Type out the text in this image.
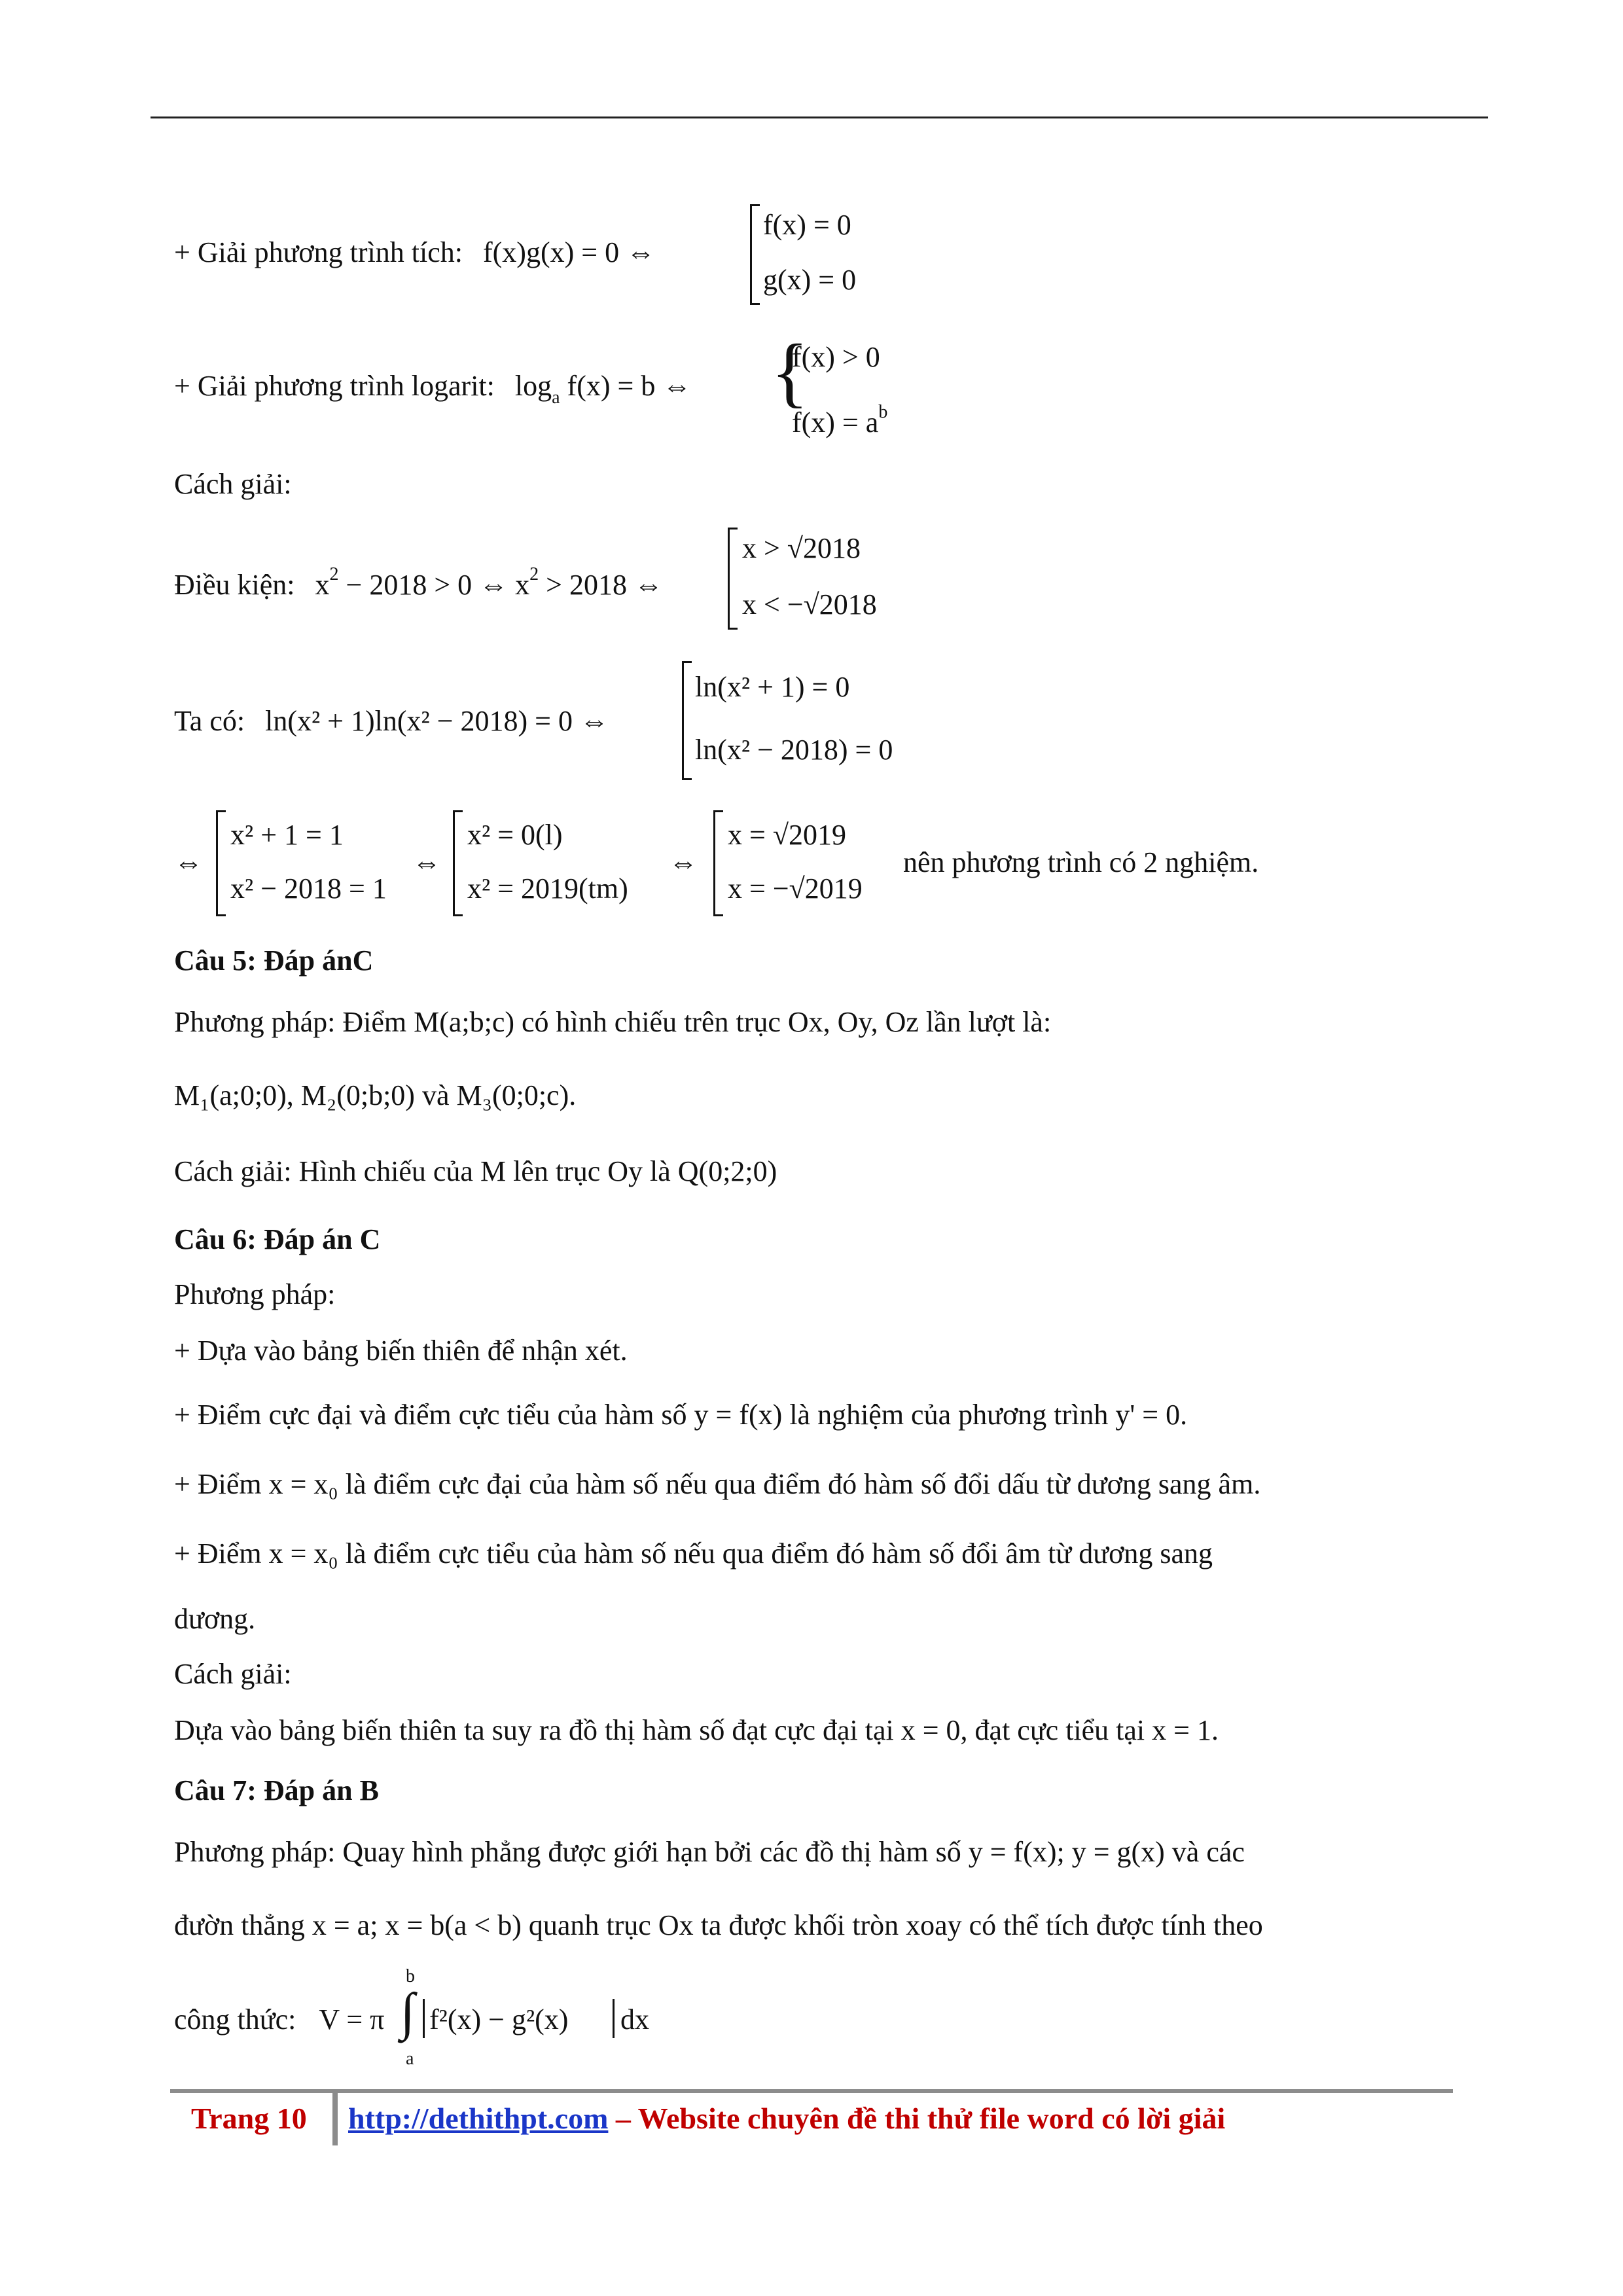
+ Giải phương trình tích: f(x)g(x) = 0 ⇔
f(x) = 0
g(x) = 0
+ Giải phương trình logarit: $\log_a f(x) = b$ ⇔ {
f(x) > 0
$f(x) = a^b$
Cách giải:
Điều kiện: $x^2 - 2018 > 0$ ⇔ $x^2 > 2018$ ⇔
x > √2018
x < −√2018
Ta có: ln(x² + 1)ln(x² − 2018) = 0 ⇔
ln(x² + 1) = 0
ln(x² − 2018) = 0
⇔
x² + 1 = 1
x² − 2018 = 1
⇔
x² = 0(l)
x² = 2019(tm)
⇔
x = √2019
x = −√2019
nên phương trình có 2 nghiệm.
Câu 5: Đáp ánC
Phương pháp: Điểm M(a;b;c) có hình chiếu trên trục Ox, Oy, Oz lần lượt là:
M₁(a;0;0), M₂(0;b;0) và M₃(0;0;c).
Cách giải: Hình chiếu của M lên trục Oy là Q(0;2;0)
Câu 6: Đáp án C
Phương pháp:
+ Dựa vào bảng biến thiên để nhận xét.
+ Điểm cực đại và điểm cực tiểu của hàm số y = f(x) là nghiệm của phương trình y' = 0.
+ Điểm x = x₀ là điểm cực đại của hàm số nếu qua điểm đó hàm số đổi dấu từ dương sang âm.
+ Điểm x = x₀ là điểm cực tiểu của hàm số nếu qua điểm đó hàm số đổi âm từ dương sang
dương.
Cách giải:
Dựa vào bảng biến thiên ta suy ra đồ thị hàm số đạt cực đại tại x = 0, đạt cực tiểu tại x = 1.
Câu 7: Đáp án B
Phương pháp: Quay hình phẳng được giới hạn bởi các đồ thị hàm số y = f(x); y = g(x) và các
đườn thẳng x = a; x = b(a < b) quanh trục Ox ta được khối tròn xoay có thể tích được tính theo
công thức: V = π ∫
b
a
f²(x) − g²(x) dx
Trang 10 http://dethithpt.com – Website chuyên đề thi thử file word có lời giải
